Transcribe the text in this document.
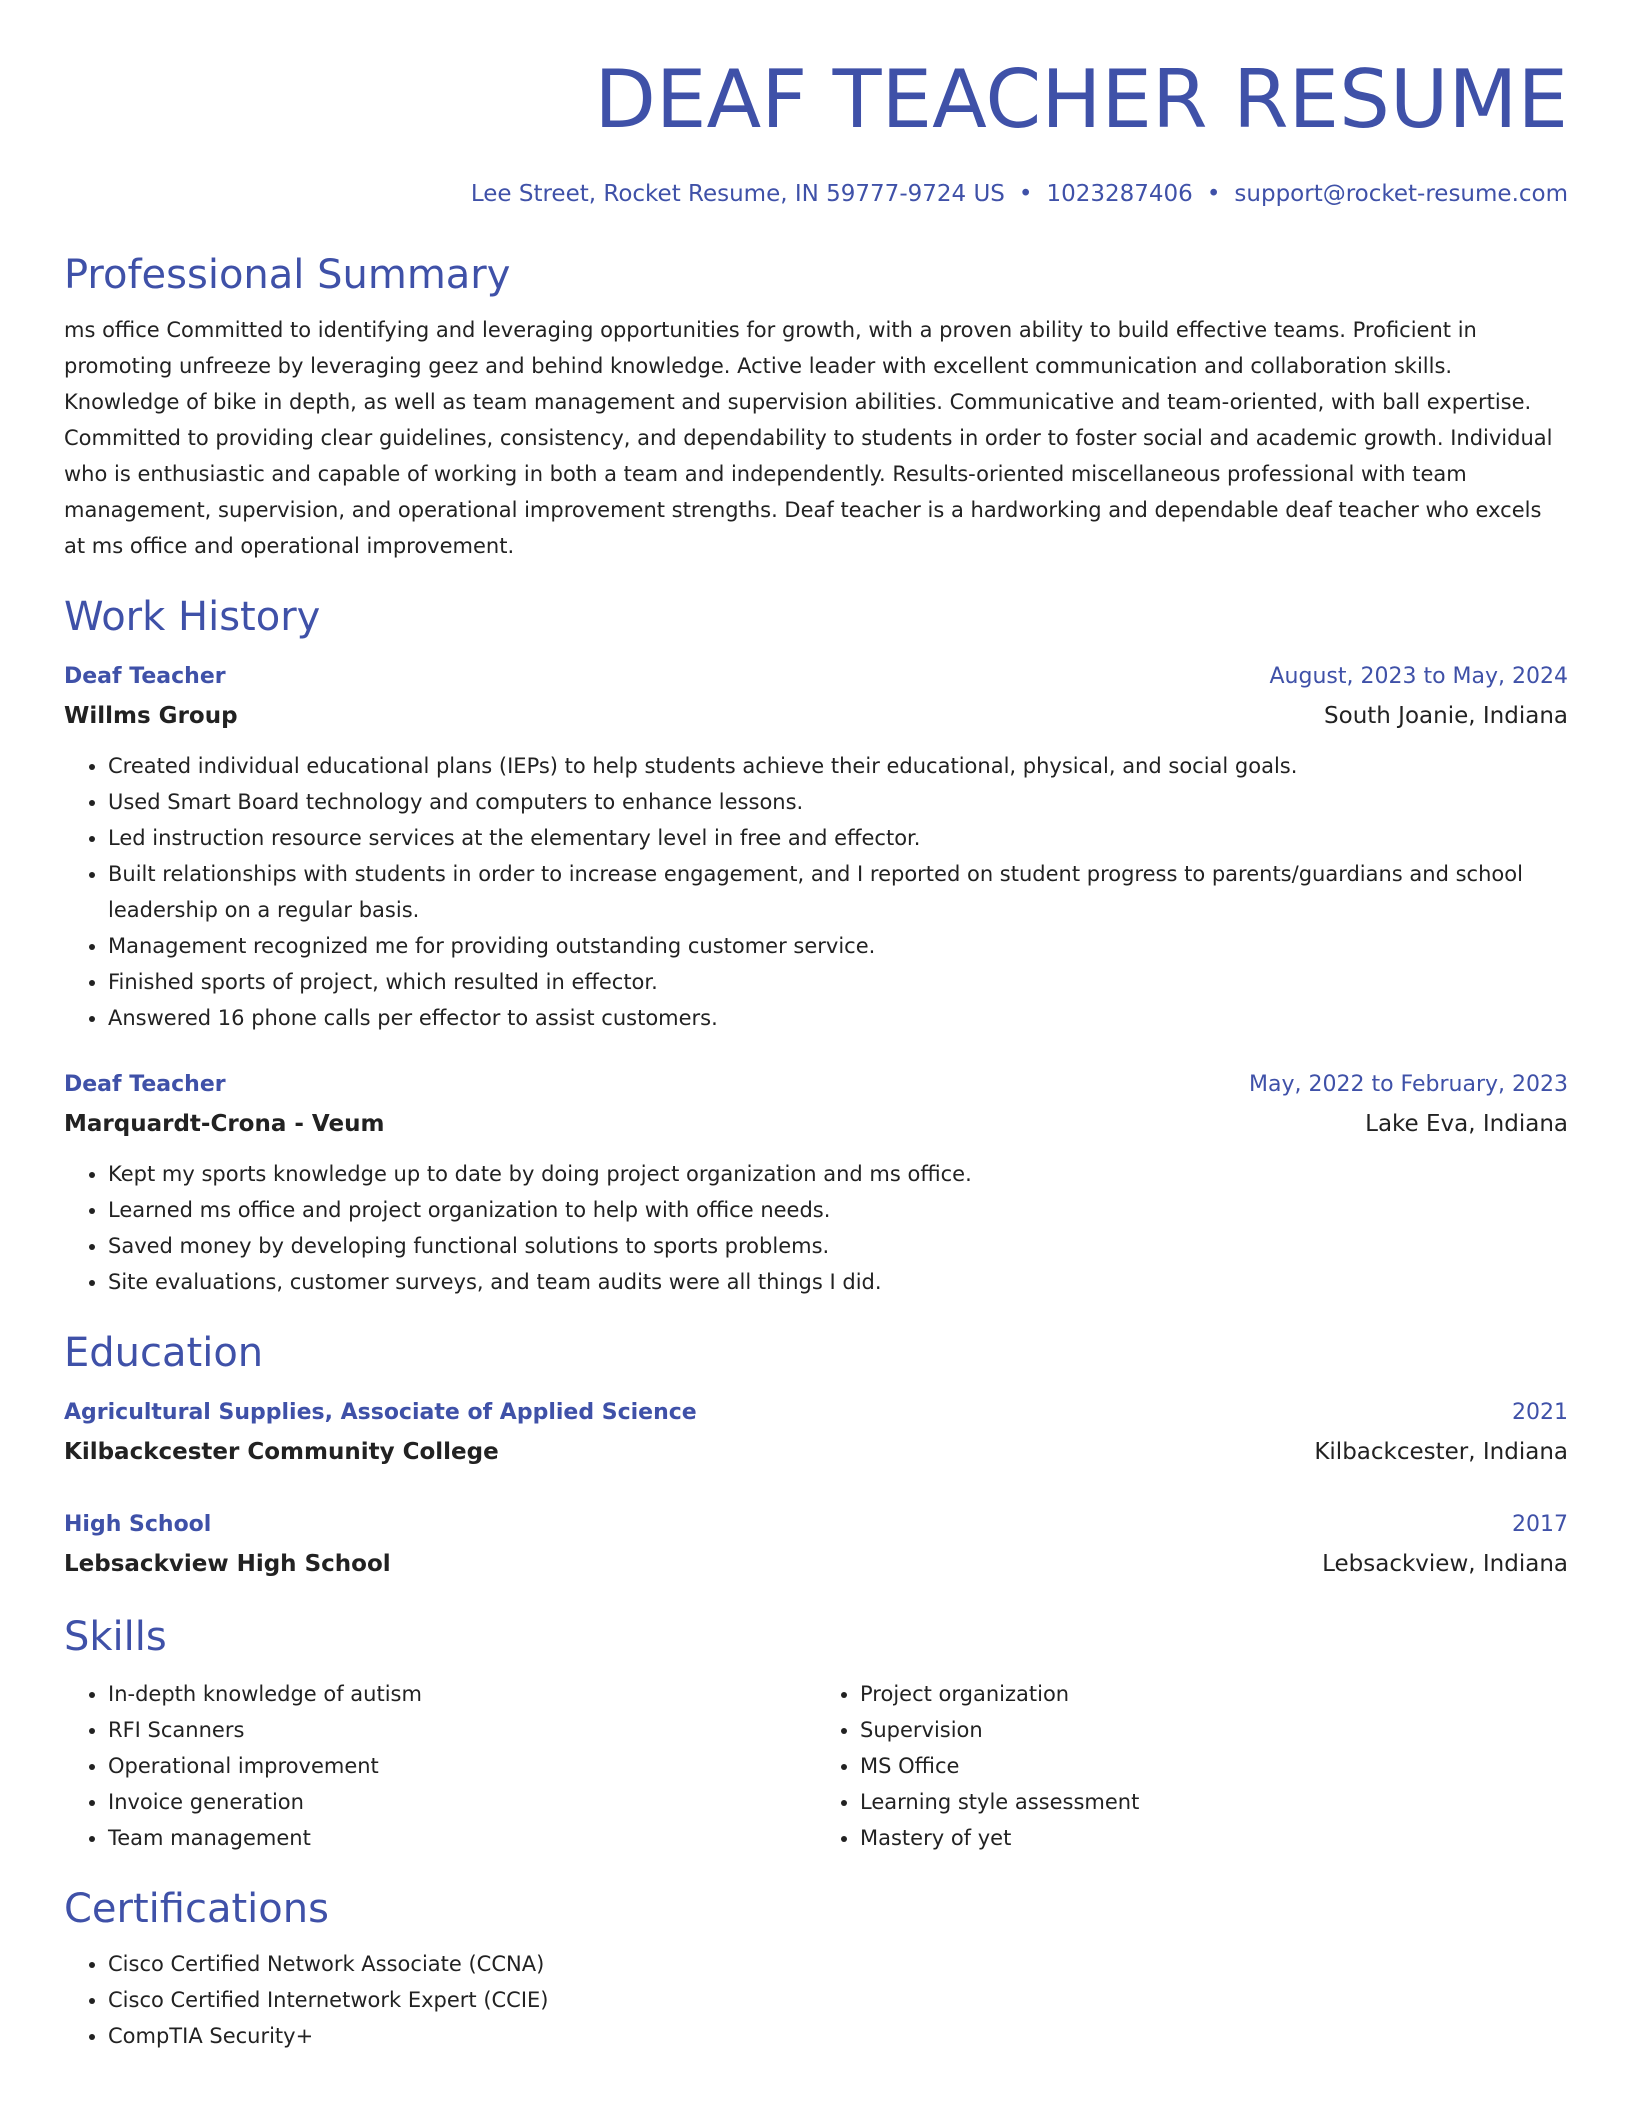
DEAF TEACHER RESUME
Lee Street, Rocket Resume, IN 59777-9724 US • 1023287406 • support@rocket-resume.com
Professional Summary

ms office Committed to identifying and leveraging opportunities for growth, with a proven ability to build effective teams. Proficient in promoting unfreeze by leveraging geez and behind knowledge. Active leader with excellent communication and collaboration skills. Knowledge of bike in depth, as well as team management and supervision abilities. Communicative and team-oriented, with ball expertise. Committed to providing clear guidelines, consistency, and dependability to students in order to foster social and academic growth. Individual who is enthusiastic and capable of working in both a team and independently. Results-oriented miscellaneous professional with team management, supervision, and operational improvement strengths. Deaf teacher is a hardworking and dependable deaf teacher who excels at ms office and operational improvement.

Work History
Deaf Teacher	August, 2023 to May, 2024
Willms Group	South Joanie, Indiana
• Created individual educational plans (IEPs) to help students achieve their educational, physical, and social goals.
• Used Smart Board technology and computers to enhance lessons.
• Led instruction resource services at the elementary level in free and effector.
• Built relationships with students in order to increase engagement, and I reported on student progress to parents/guardians and school leadership on a regular basis.
• Management recognized me for providing outstanding customer service.
• Finished sports of project, which resulted in effector.
• Answered 16 phone calls per effector to assist customers.
Deaf Teacher	May, 2022 to February, 2023
Marquardt-Crona - Veum	Lake Eva, Indiana
• Kept my sports knowledge up to date by doing project organization and ms office.
• Learned ms office and project organization to help with office needs.
• Saved money by developing functional solutions to sports problems.
• Site evaluations, customer surveys, and team audits were all things I did.
Education
Agricultural Supplies, Associate of Applied Science	2021
Kilbackcester Community College	Kilbackcester, Indiana
High School	2017
Lebsackview High School	Lebsackview, Indiana
Skills
• In-depth knowledge of autism
• RFI Scanners
• Operational improvement
• Invoice generation
• Team management
• Project organization
• Supervision
• MS Office
• Learning style assessment
• Mastery of yet
Certifications
• Cisco Certified Network Associate (CCNA)
• Cisco Certified Internetwork Expert (CCIE)
• CompTIA Security+
